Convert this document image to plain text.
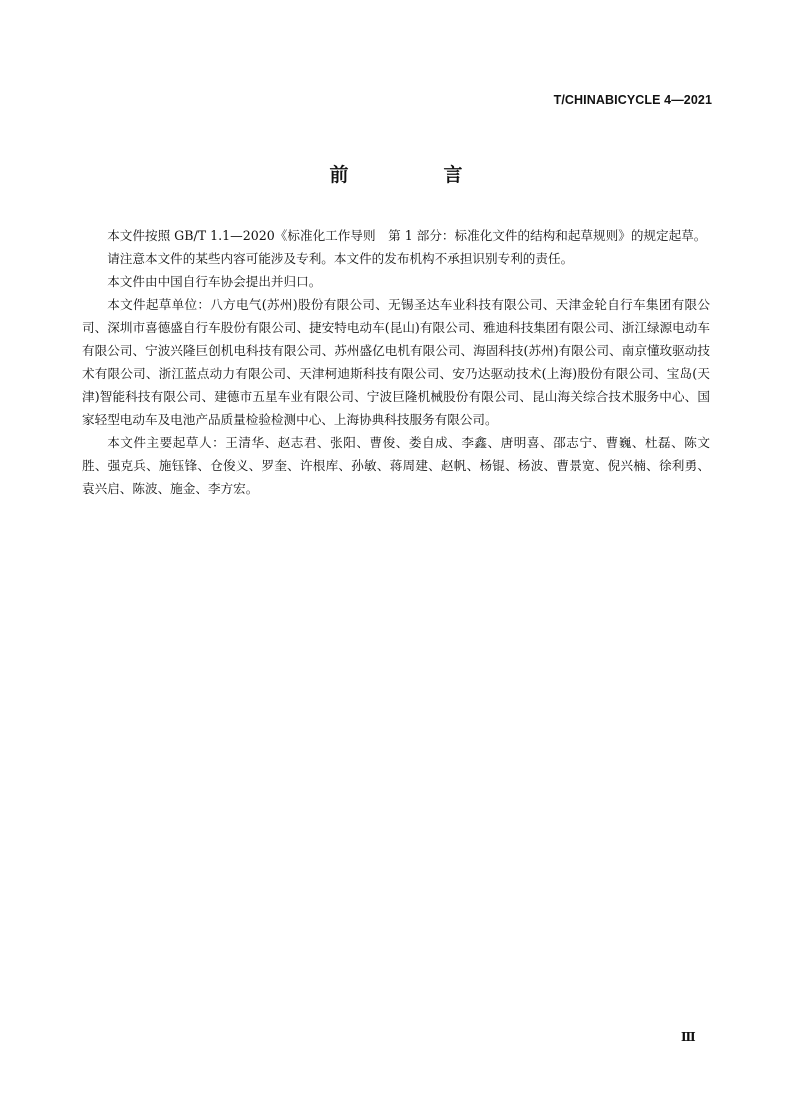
T/CHINABICYCLE 4—2021
前　言

本文件按照 GB/T 1.1—2020《标准化工作导则　第 1 部分：标准化文件的结构和起草规则》的规定起草。

请注意本文件的某些内容可能涉及专利。本文件的发布机构不承担识别专利的责任。

本文件由中国自行车协会提出并归口。

本文件起草单位：八方电气(苏州)股份有限公司、无锡圣达车业科技有限公司、天津金轮自行车集团有限公司、深圳市喜德盛自行车股份有限公司、捷安特电动车(昆山)有限公司、雅迪科技集团有限公司、浙江绿源电动车有限公司、宁波兴隆巨创机电科技有限公司、苏州盛亿电机有限公司、海固科技(苏州)有限公司、南京懂玫驱动技术有限公司、浙江蓝点动力有限公司、天津柯迪斯科技有限公司、安乃达驱动技术(上海)股份有限公司、宝岛(天津)智能科技有限公司、建德市五星车业有限公司、宁波巨隆机械股份有限公司、昆山海关综合技术服务中心、国家轻型电动车及电池产品质量检验检测中心、上海协典科技服务有限公司。

本文件主要起草人：王清华、赵志君、张阳、曹俊、娄自成、李鑫、唐明喜、邵志宁、曹巍、杜磊、陈文胜、强克兵、施钰锋、仓俊义、罗奎、许根库、孙敏、蒋周建、赵帆、杨锟、杨波、曹景宽、倪兴楠、徐利勇、袁兴启、陈波、施金、李方宏。

Ⅲ
